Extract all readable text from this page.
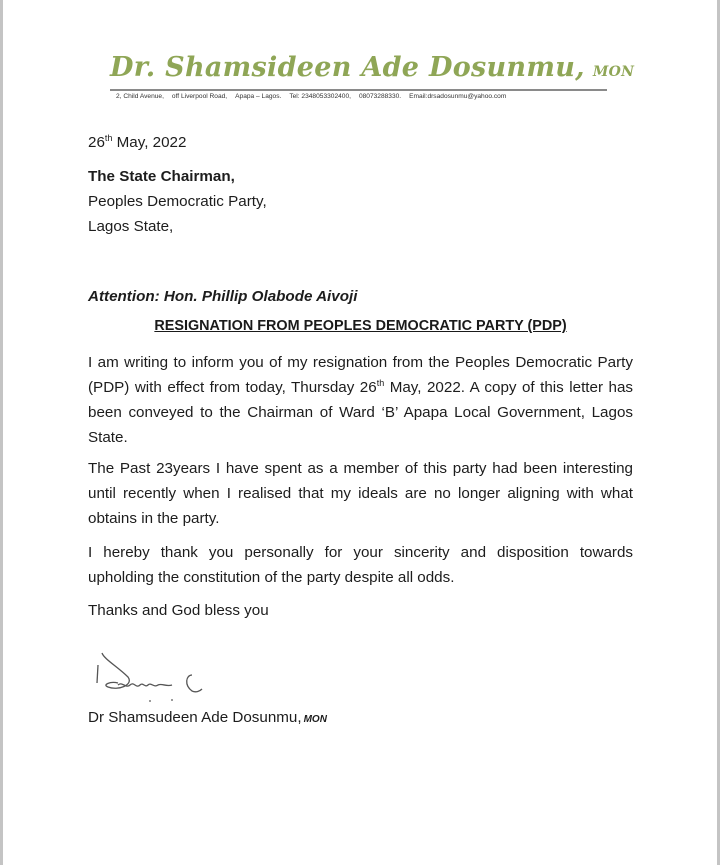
Dr. Shamsideen Ade Dosunmu, MON
2, Child Avenue, off Liverpool Road, Apapa – Lagos. Tel: 2348053302400, 08073288330. Email:drsadosunmu@yahoo.com
26th May, 2022
The State Chairman,
Peoples Democratic Party,
Lagos State,
Attention: Hon. Phillip Olabode Aivoji
RESIGNATION FROM PEOPLES DEMOCRATIC PARTY (PDP)
I am writing to inform you of my resignation from the Peoples Democratic Party (PDP) with effect from today, Thursday 26th May, 2022. A copy of this letter has been conveyed to the Chairman of Ward ‘B’ Apapa Local Government, Lagos State.
The Past 23years I have spent as a member of this party had been interesting until recently when I realised that my ideals are no longer aligning with what obtains in the party.
I hereby thank you personally for your sincerity and disposition towards upholding the constitution of the party despite all odds.
Thanks and God bless you
Dr Shamsudeen Ade Dosunmu, MON
